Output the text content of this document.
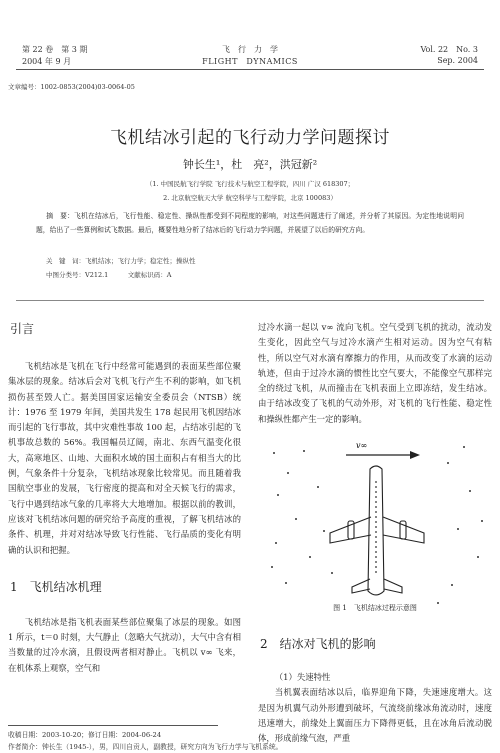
第 22 卷　第 3 期
2004 年 9 月
飞　行　力　学
FLIGHT　DYNAMICS
Vol. 22　No. 3
Sep. 2004
文章编号：1002-0853(2004)03-0064-05
飞机结冰引起的飞行动力学问题探讨
钟长生¹，杜　亮²，洪冠新²
（1. 中国民航飞行学院 飞行技术与航空工程学院，四川 广汉 618307；
2. 北京航空航天大学 航空科学与工程学院，北京 100083）
摘　要：飞机在结冰后，飞行性能、稳定性、操纵性都受到不同程度的影响，对这些问题进行了阐述，并分析了其原因。为定性地说明问题，给出了一些算例和试飞数据。最后，概要性地分析了结冰后的飞行动力学问题，并展望了以后的研究方向。
关　键　词：飞机结冰；飞行力学；稳定性；操纵性
中图分类号：V212.1　　　文献标识码：A
引言

飞机结冰是飞机在飞行中经常可能遇到的表面某些部位聚集冰层的现象。结冰后会对飞机飞行产生不利的影响，如飞机损伤甚至毁人亡。据美国国家运输安全委员会（NTSB）统计：1976 至 1979 年间，美国共发生 178 起民用飞机因结冰而引起的飞行事故，其中灾难性事故 100 起，占结冰引起的飞机事故总数的 56%。我国幅员辽阔，南北、东西气温变化很大，高寒地区、山地、大面积水域的国土面积占有相当大的比例，气象条件十分复杂，飞机结冰现象比较常见。而且随着我国航空事业的发展，飞行密度的提高和对全天候飞行的需求，飞行中遇到结冰气象的几率将大大地增加。根据以前的教训，应该对飞机结冰问题的研究给予高度的重视，了解飞机结冰的条件、机理，并对对结冰导致飞行性能、飞行品质的变化有明确的认识和把握。

1　飞机结冰机理

飞机结冰是指飞机表面某些部位聚集了冰层的现象。如图 1 所示，t＝0 时刻，大气静止（忽略大气扰动），大气中含有相当数量的过冷水滴，且假设两者相对静止。飞机以 v∞ 飞来，在机体系上观察，空气和

过冷水滴一起以 v∞ 流向飞机。空气受到飞机的扰动，流动发生变化，因此空气与过冷水滴产生相对运动。因为空气有粘性，所以空气对水滴有摩擦力的作用，从而改变了水滴的运动轨迹，但由于过冷水滴的惯性比空气要大，不能像空气那样完全的绕过飞机，从而撞击在飞机表面上立即冻结，发生结冰。由于结冰改变了飞机的气动外形，对飞机的飞行性能、稳定性和操纵性都产生一定的影响。

v∞
图 1　飞机结冰过程示意图
2　结冰对飞机的影响

（1）失速特性

当机翼表面结冰以后，临界迎角下降，失速速度增大。这是因为机翼气动外形遭到破坏，气流绕前缘冰角流动时，速度迅速增大，前缘处上翼面压力下降得更低，且在冰角后流动脱体，形成前缘气泡，严重

收稿日期：2003-10-20；修订日期：2004-06-24
作者简介：钟长生（1945-），男，四川自贡人，副教授，研究方向为飞行力学与飞机系统。
